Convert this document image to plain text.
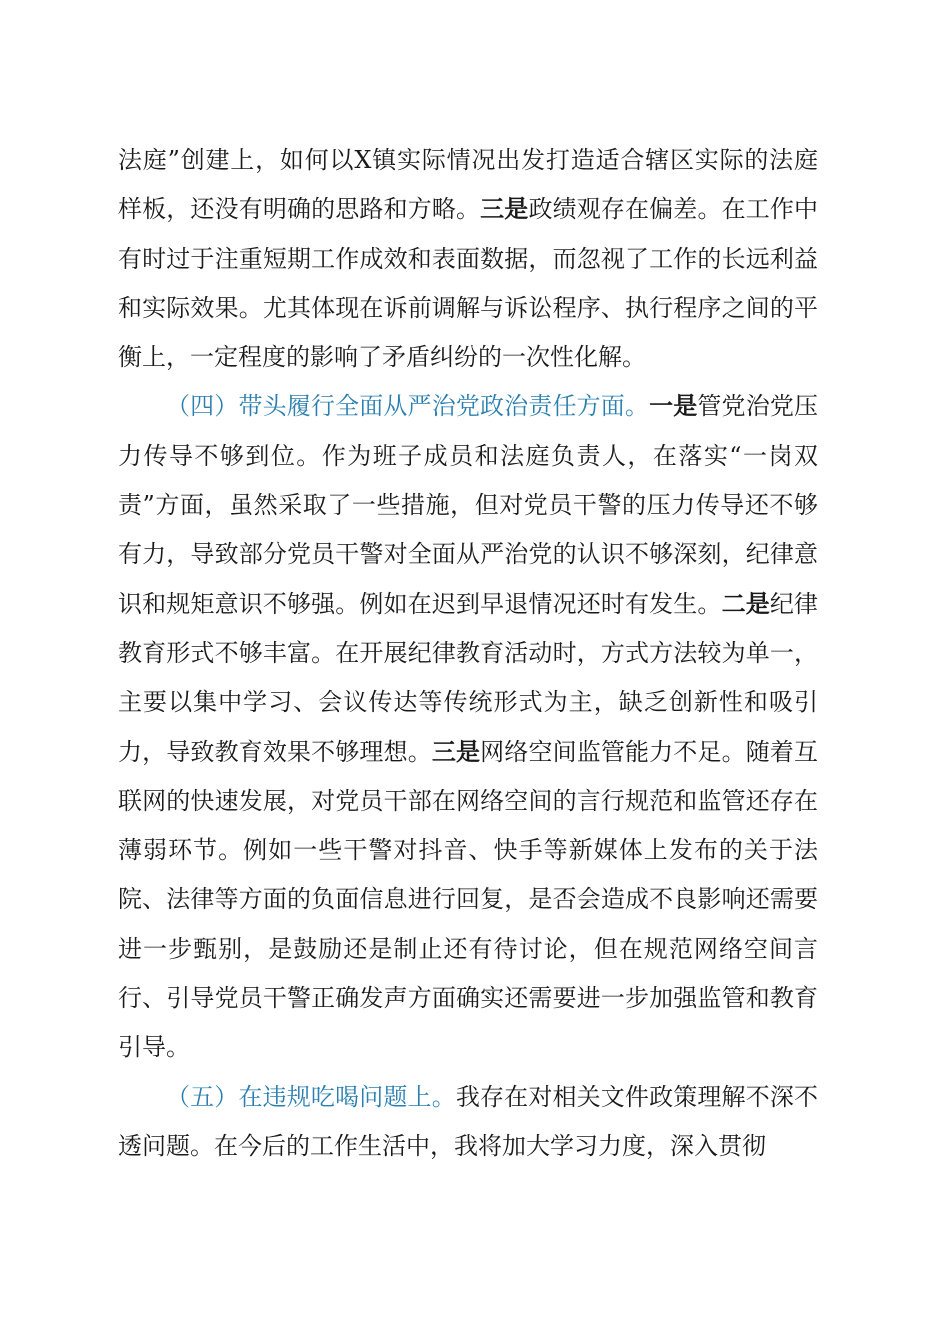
法庭”创建上，如何以X镇实际情况出发打造适合辖区实际的法庭样板，还没有明确的思路和方略。三是政绩观存在偏差。在工作中有时过于注重短期工作成效和表面数据，而忽视了工作的长远利益和实际效果。尤其体现在诉前调解与诉讼程序、执行程序之间的平衡上，一定程度的影响了矛盾纠纷的一次性化解。

（四）带头履行全面从严治党政治责任方面。一是管党治党压力传导不够到位。作为班子成员和法庭负责人，在落实“一岗双责”方面，虽然采取了一些措施，但对党员干警的压力传导还不够有力，导致部分党员干警对全面从严治党的认识不够深刻，纪律意识和规矩意识不够强。例如在迟到早退情况还时有发生。二是纪律教育形式不够丰富。在开展纪律教育活动时，方式方法较为单一，主要以集中学习、会议传达等传统形式为主，缺乏创新性和吸引力，导致教育效果不够理想。三是网络空间监管能力不足。随着互联网的快速发展，对党员干部在网络空间的言行规范和监管还存在薄弱环节。例如一些干警对抖音、快手等新媒体上发布的关于法院、法律等方面的负面信息进行回复，是否会造成不良影响还需要进一步甄别，是鼓励还是制止还有待讨论，但在规范网络空间言行、引导党员干警正确发声方面确实还需要进一步加强监管和教育引导。

（五）在违规吃喝问题上。我存在对相关文件政策理解不深不透问题。在今后的工作生活中，我将加大学习力度，深入贯彻
